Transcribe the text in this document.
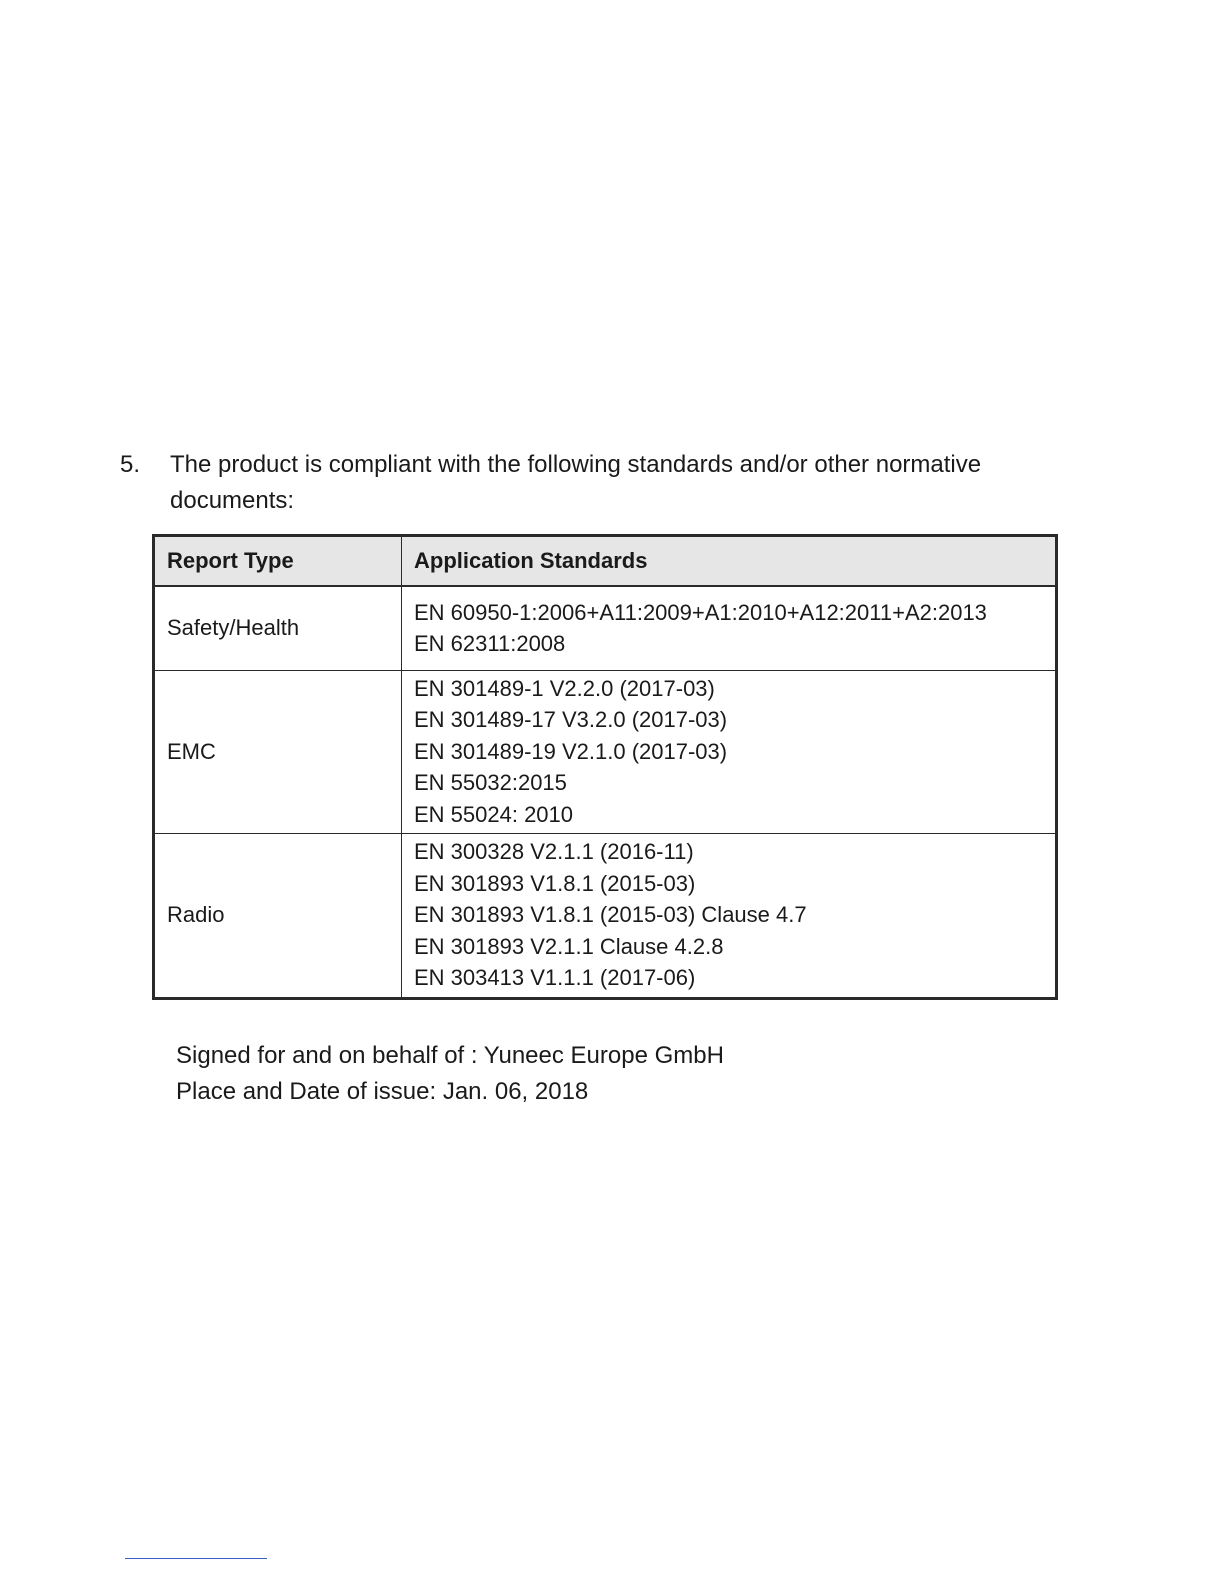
5. The product is compliant with the following standards and/or other normative documents:
Report Type	Application Standards
Safety/Health	EN 60950-1:2006+A11:2009+A1:2010+A12:2011+A2:2013
EN 62311:2008

EMC	EN 301489-1 V2.2.0 (2017-03)
EN 301489-17 V3.2.0 (2017-03)
EN 301489-19 V2.1.0 (2017-03)
EN 55032:2015
EN 55024: 2010

Radio	EN 300328 V2.1.1 (2016-11)
EN 301893 V1.8.1 (2015-03)
EN 301893 V1.8.1 (2015-03) Clause 4.7
EN 301893 V2.1.1 Clause 4.2.8
EN 303413 V1.1.1 (2017-06)
Signed for and on behalf of : Yuneec Europe GmbH
Place and Date of issue: Jan. 06, 2018
